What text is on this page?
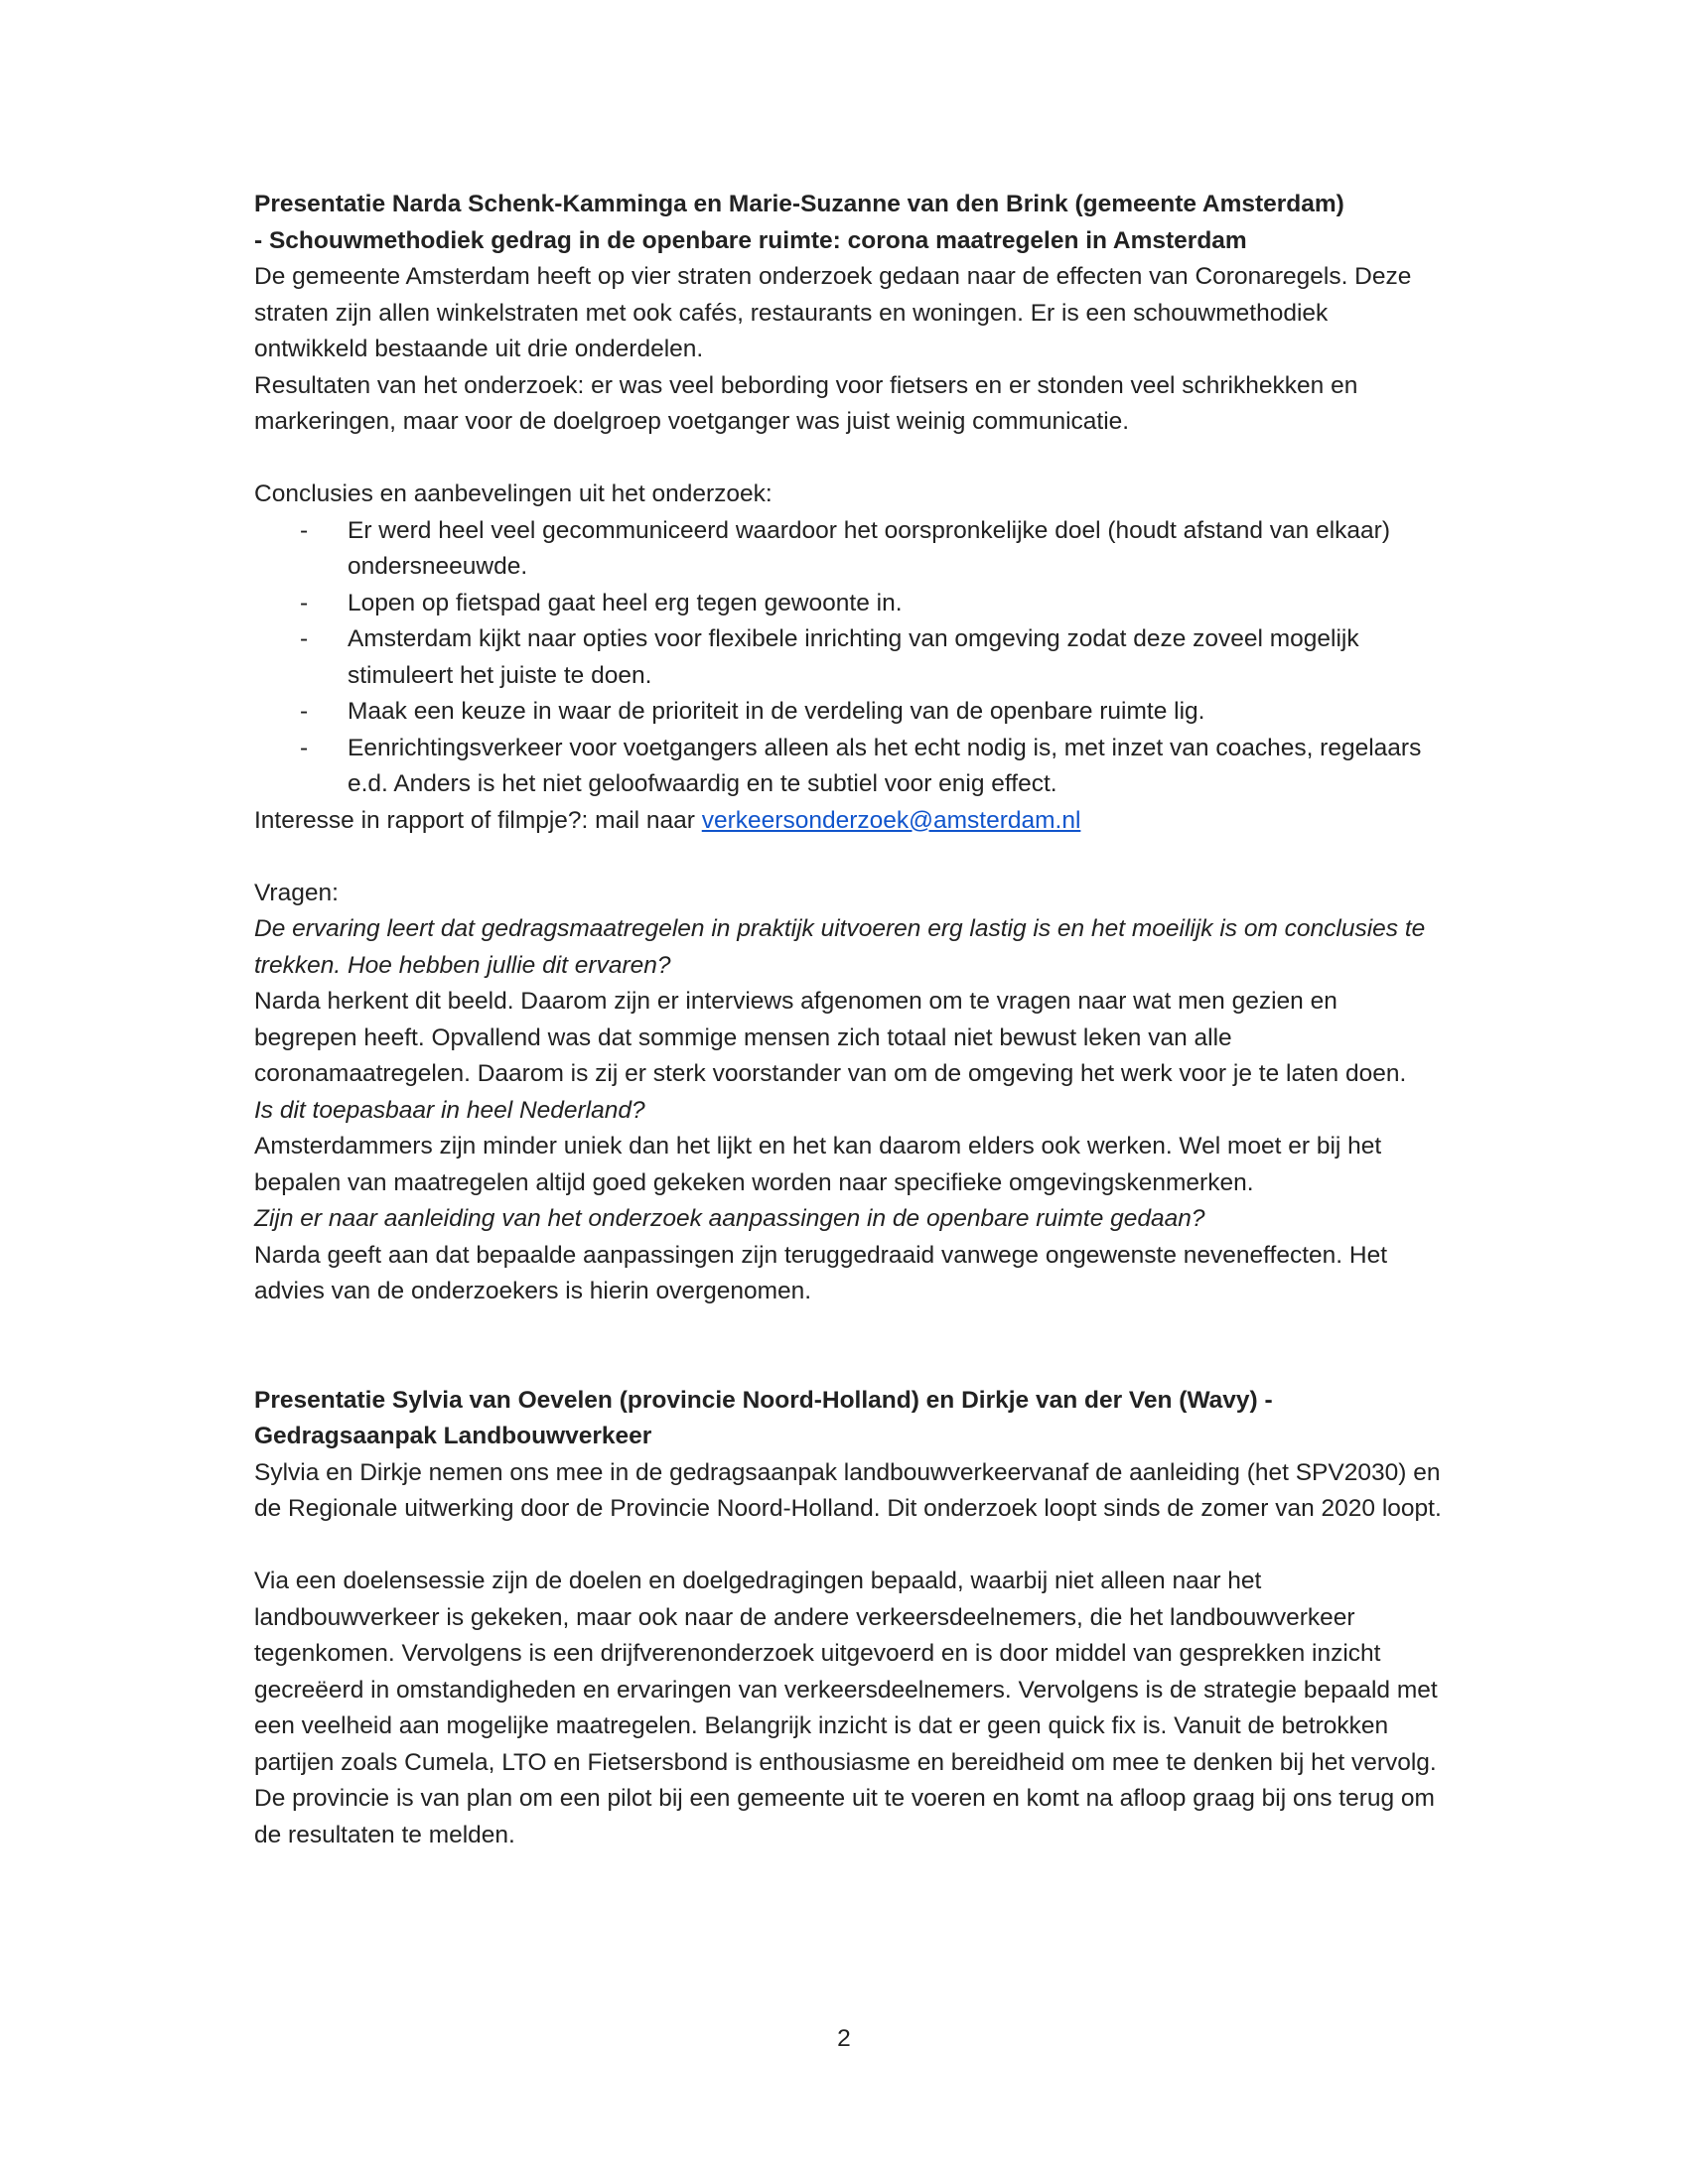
Presentatie Narda Schenk-Kamminga en Marie-Suzanne van den Brink (gemeente Amsterdam)
- Schouwmethodiek gedrag in de openbare ruimte: corona maatregelen in Amsterdam

De gemeente Amsterdam heeft op vier straten onderzoek gedaan naar de effecten van Coronaregels. Deze straten zijn allen winkelstraten met ook cafés, restaurants en woningen. Er is een schouwmethodiek ontwikkeld bestaande uit drie onderdelen.

Resultaten van het onderzoek: er was veel bebording voor fietsers en er stonden veel schrikhekken en markeringen, maar voor de doelgroep voetganger was juist weinig communicatie.

Conclusies en aanbevelingen uit het onderzoek:

- Er werd heel veel gecommuniceerd waardoor het oorspronkelijke doel (houdt afstand van elkaar) ondersneeuwde.
- Lopen op fietspad gaat heel erg tegen gewoonte in.
- Amsterdam kijkt naar opties voor flexibele inrichting van omgeving zodat deze zoveel mogelijk stimuleert het juiste te doen.
- Maak een keuze in waar de prioriteit in de verdeling van de openbare ruimte lig.
- Eenrichtingsverkeer voor voetgangers alleen als het echt nodig is, met inzet van coaches, regelaars e.d. Anders is het niet geloofwaardig en te subtiel voor enig effect.

Interesse in rapport of filmpje?: mail naar verkeersonderzoek@amsterdam.nl

Vragen:

De ervaring leert dat gedragsmaatregelen in praktijk uitvoeren erg lastig is en het moeilijk is om conclusies te trekken. Hoe hebben jullie dit ervaren?

Narda herkent dit beeld. Daarom zijn er interviews afgenomen om te vragen naar wat men gezien en begrepen heeft. Opvallend was dat sommige mensen zich totaal niet bewust leken van alle coronamaatregelen. Daarom is zij er sterk voorstander van om de omgeving het werk voor je te laten doen.

Is dit toepasbaar in heel Nederland?

Amsterdammers zijn minder uniek dan het lijkt en het kan daarom elders ook werken. Wel moet er bij het bepalen van maatregelen altijd goed gekeken worden naar specifieke omgevingskenmerken.

Zijn er naar aanleiding van het onderzoek aanpassingen in de openbare ruimte gedaan?

Narda geeft aan dat bepaalde aanpassingen zijn teruggedraaid vanwege ongewenste neveneffecten. Het advies van de onderzoekers is hierin overgenomen.

Presentatie Sylvia van Oevelen (provincie Noord-Holland) en Dirkje van der Ven (Wavy) -
Gedragsaanpak Landbouwverkeer

Sylvia en Dirkje nemen ons mee in de gedragsaanpak landbouwverkeervanaf de aanleiding (het SPV2030) en de Regionale uitwerking door de Provincie Noord-Holland. Dit onderzoek loopt sinds de zomer van 2020 loopt.

Via een doelensessie zijn de doelen en doelgedragingen bepaald, waarbij niet alleen naar het landbouwverkeer is gekeken, maar ook naar de andere verkeersdeelnemers, die het landbouwverkeer tegenkomen. Vervolgens is een drijfverenonderzoek uitgevoerd en is door middel van gesprekken inzicht gecreëerd in omstandigheden en ervaringen van verkeersdeelnemers. Vervolgens is de strategie bepaald met een veelheid aan mogelijke maatregelen. Belangrijk inzicht is dat er geen quick fix is. Vanuit de betrokken partijen zoals Cumela, LTO en Fietsersbond is enthousiasme en bereidheid om mee te denken bij het vervolg. De provincie is van plan om een pilot bij een gemeente uit te voeren en komt na afloop graag bij ons terug om de resultaten te melden.

2
